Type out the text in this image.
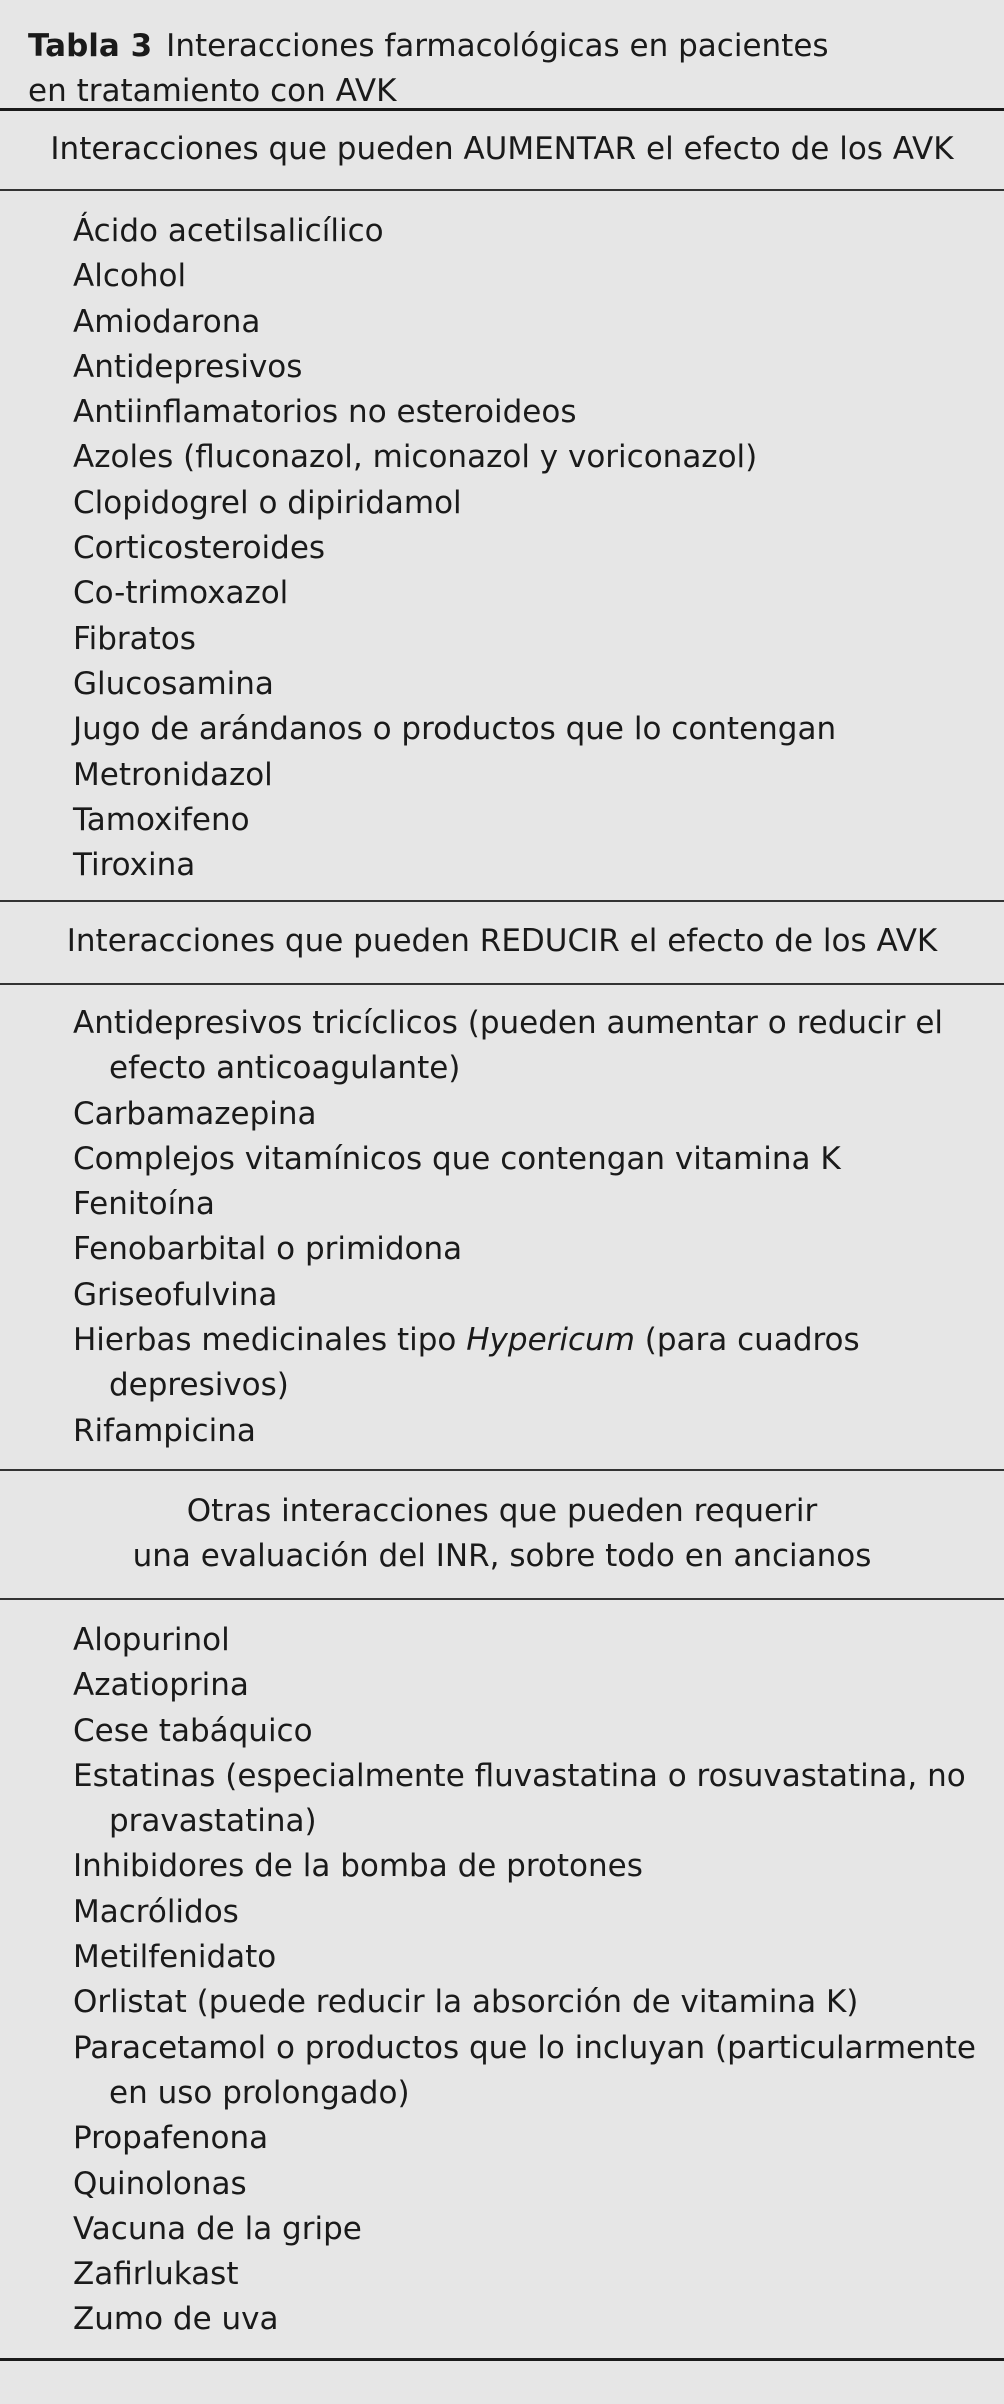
Tabla 3 Interacciones farmacológicas en pacientes
en tratamiento con AVK
Interacciones que pueden AUMENTAR el efecto de los AVK
Ácido acetilsalicílico
Alcohol
Amiodarona
Antidepresivos
Antiinflamatorios no esteroideos
Azoles (fluconazol, miconazol y voriconazol)
Clopidogrel o dipiridamol
Corticosteroides
Co-trimoxazol
Fibratos
Glucosamina
Jugo de arándanos o productos que lo contengan
Metronidazol
Tamoxifeno
Tiroxina
Interacciones que pueden REDUCIR el efecto de los AVK
Antidepresivos tricíclicos (pueden aumentar o reducir el efecto anticoagulante)
Carbamazepina
Complejos vitamínicos que contengan vitamina K
Fenitoína
Fenobarbital o primidona
Griseofulvina
Hierbas medicinales tipo Hypericum (para cuadros depresivos)
Rifampicina
Otras interacciones que pueden requerir
una evaluación del INR, sobre todo en ancianos
Alopurinol
Azatioprina
Cese tabáquico
Estatinas (especialmente fluvastatina o rosuvastatina, no pravastatina)
Inhibidores de la bomba de protones
Macrólidos
Metilfenidato
Orlistat (puede reducir la absorción de vitamina K)
Paracetamol o productos que lo incluyan (particularmente en uso prolongado)
Propafenona
Quinolonas
Vacuna de la gripe
Zafirlukast
Zumo de uva
